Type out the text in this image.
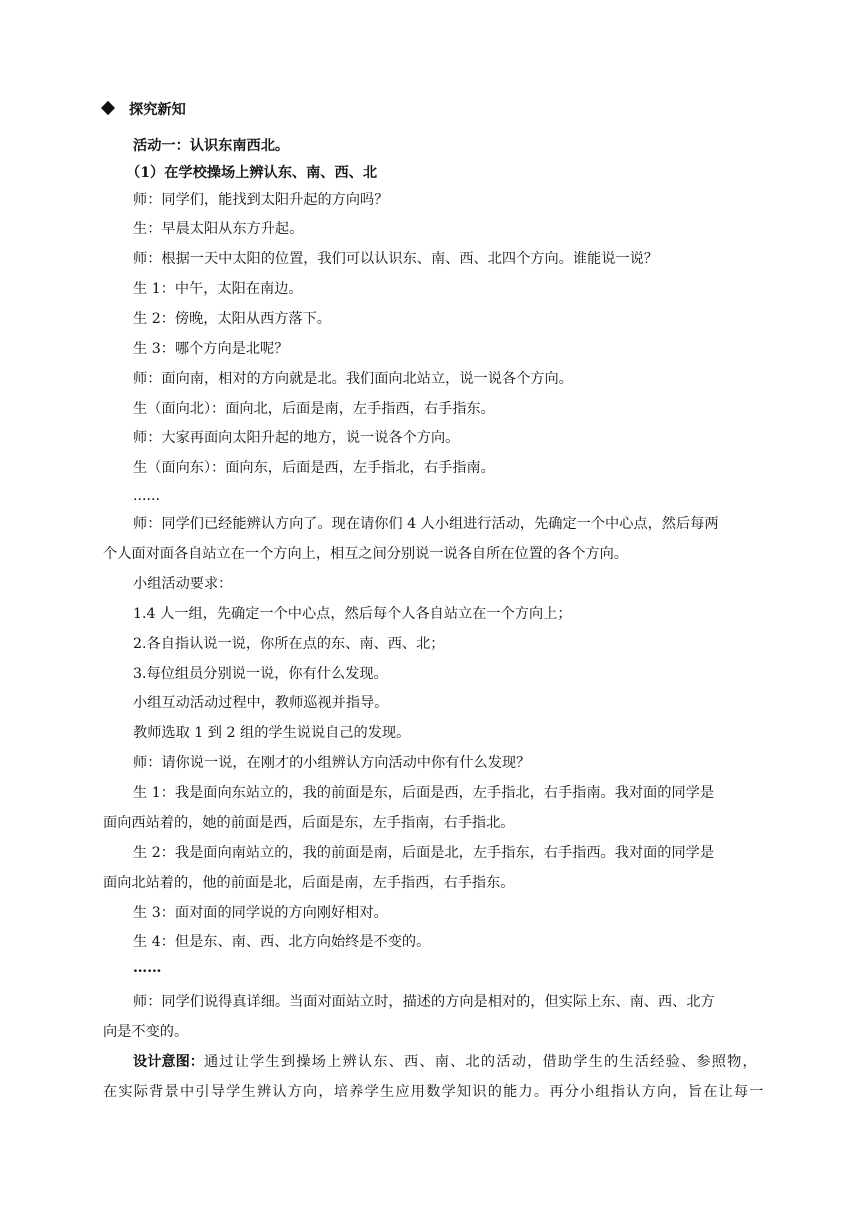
探究新知
活动一：认识东南西北。
（1）在学校操场上辨认东、南、西、北
师：同学们，能找到太阳升起的方向吗？
生：早晨太阳从东方升起。
师：根据一天中太阳的位置，我们可以认识东、南、西、北四个方向。谁能说一说？
生 1：中午，太阳在南边。
生 2：傍晚，太阳从西方落下。
生 3：哪个方向是北呢？
师：面向南，相对的方向就是北。我们面向北站立，说一说各个方向。
生（面向北）：面向北，后面是南，左手指西，右手指东。
师：大家再面向太阳升起的地方，说一说各个方向。
生（面向东）：面向东，后面是西，左手指北，右手指南。
......
师：同学们已经能辨认方向了。现在请你们 4 人小组进行活动，先确定一个中心点，然后每两
个人面对面各自站立在一个方向上，相互之间分别说一说各自所在位置的各个方向。
小组活动要求：
1.4 人一组，先确定一个中心点，然后每个人各自站立在一个方向上；
2.各自指认说一说，你所在点的东、南、西、北；
3.每位组员分别说一说，你有什么发现。
小组互动活动过程中，教师巡视并指导。
教师选取 1 到 2 组的学生说说自己的发现。
师：请你说一说，在刚才的小组辨认方向活动中你有什么发现？
生 1：我是面向东站立的，我的前面是东，后面是西，左手指北，右手指南。我对面的同学是
面向西站着的，她的前面是西，后面是东，左手指南，右手指北。
生 2：我是面向南站立的，我的前面是南，后面是北，左手指东，右手指西。我对面的同学是
面向北站着的，他的前面是北，后面是南，左手指西，右手指东。
生 3：面对面的同学说的方向刚好相对。
生 4：但是东、南、西、北方向始终是不变的。
……
师：同学们说得真详细。当面对面站立时，描述的方向是相对的，但实际上东、南、西、北方
向是不变的。
设计意图：通过让学生到操场上辨认东、西、南、北的活动，借助学生的生活经验、参照物，
在实际背景中引导学生辨认方向，培养学生应用数学知识的能力。再分小组指认方向，旨在让每一
